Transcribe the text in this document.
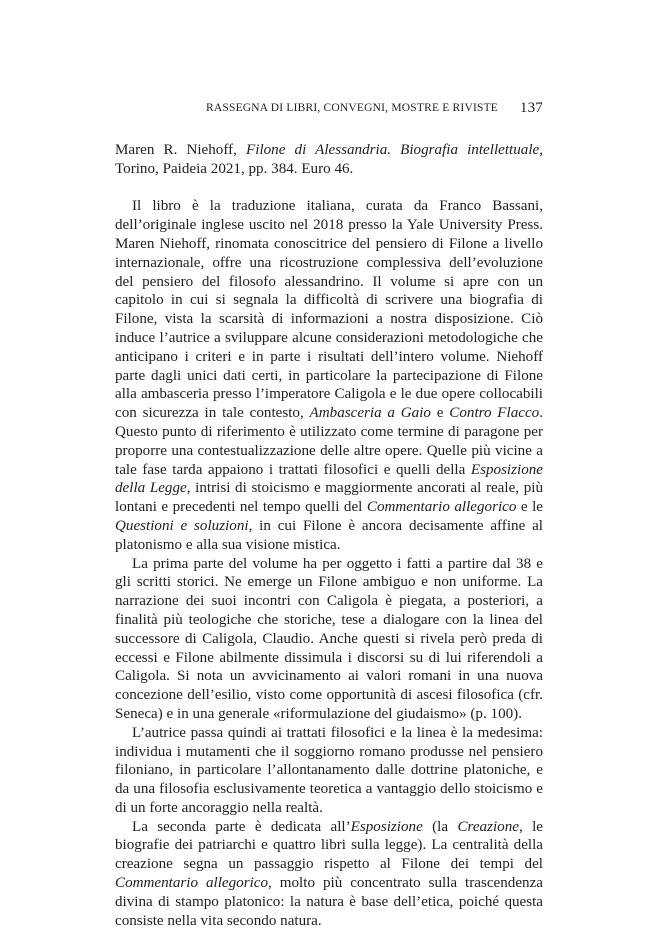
RASSEGNA DI LIBRI, CONVEGNI, MOSTRE E RIVISTE 137

Maren R. Niehoff, Filone di Alessandria. Biografia intellettuale, Torino, Paideia 2021, pp. 384. Euro 46.

Il libro è la traduzione italiana, curata da Franco Bassani, dell’originale inglese uscito nel 2018 presso la Yale University Press. Maren Niehoff, rinomata conoscitrice del pensiero di Filone a livello internazionale, offre una ricostruzione complessiva dell’evoluzione del pensiero del filosofo alessandrino. Il volume si apre con un capitolo in cui si segnala la difficoltà di scrivere una biografia di Filone, vista la scarsità di informazioni a nostra disposizione. Ciò induce l’autrice a sviluppare alcune considerazioni metodologiche che anticipano i criteri e in parte i risultati dell’intero volume. Niehoff parte dagli unici dati certi, in particolare la partecipazione di Filone alla ambasceria presso l’imperatore Caligola e le due opere collocabili con sicurezza in tale contesto, Ambasceria a Gaio e Contro Flacco. Questo punto di riferimento è utilizzato come termine di paragone per proporre una contestualizzazione delle altre opere. Quelle più vicine a tale fase tarda appaiono i trattati filosofici e quelli della Esposizione della Legge, intrisi di stoicismo e maggiormente ancorati al reale, più lontani e precedenti nel tempo quelli del Commentario allegorico e le Questioni e soluzioni, in cui Filone è ancora decisamente affine al platonismo e alla sua visione mistica.

La prima parte del volume ha per oggetto i fatti a partire dal 38 e gli scritti storici. Ne emerge un Filone ambiguo e non uniforme. La narrazione dei suoi incontri con Caligola è piegata, a posteriori, a finalità più teologiche che storiche, tese a dialogare con la linea del successore di Caligola, Claudio. Anche questi si rivela però preda di eccessi e Filone abilmente dissimula i discorsi su di lui riferendoli a Caligola. Si nota un avvicinamento ai valori romani in una nuova concezione dell’esilio, visto come opportunità di ascesi filosofica (cfr. Seneca) e in una generale «riformulazione del giudaismo» (p. 100).

L’autrice passa quindi ai trattati filosofici e la linea è la medesima: individua i mutamenti che il soggiorno romano produsse nel pensiero filoniano, in particolare l’allontanamento dalle dottrine platoniche, e da una filosofia esclusivamente teoretica a vantaggio dello stoicismo e di un forte ancoraggio nella realtà.

La seconda parte è dedicata all’Esposizione (la Creazione, le biografie dei patriarchi e quattro libri sulla legge). La centralità della creazione segna un passaggio rispetto al Filone dei tempi del Commentario allegorico, molto più concentrato sulla trascendenza divina di stampo platonico: la natura è base dell’etica, poiché questa consiste nella vita secondo natura.
